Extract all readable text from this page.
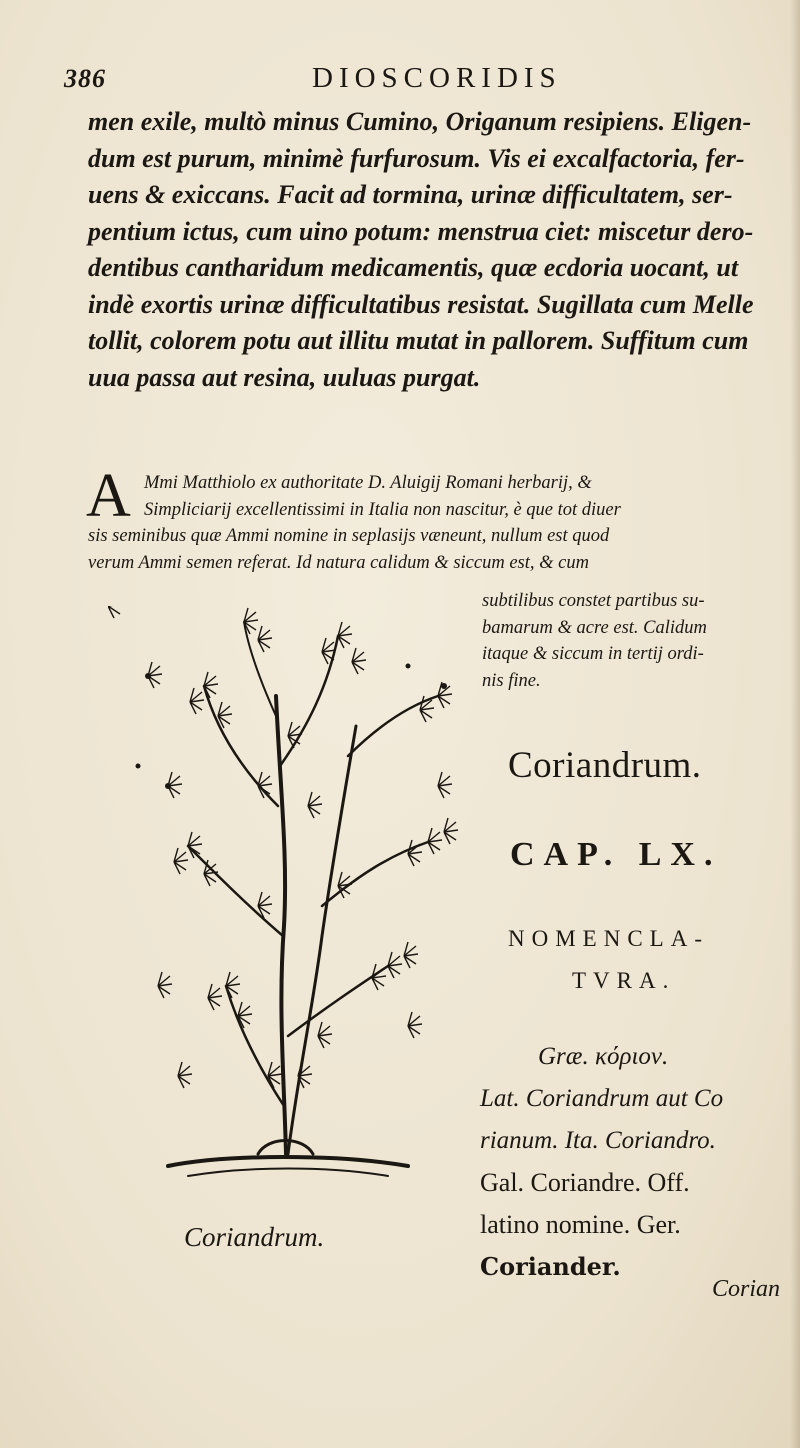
386	DIOSCORIDIS
men exile, multò minus Cumino, Origanum resipiens. Eligen-
dum est purum, minimè furfurosum. Vis ei excalfactoria, fer-
uens & exiccans. Facit ad tormina, urinæ difficultatem, ser-
pentium ictus, cum uino potum: menstrua ciet: miscetur dero-
dentibus cantharidum medicamentis, quæ ecdoria uocant, ut
indè exortis urinæ difficultatibus resistat. Sugillata cum Melle
tollit, colorem potu aut illitu mutat in pallorem. Suffitum cum
uua passa aut resina, uuluas purgat.
A Mmi Matthiolo ex authoritate D. Aluigij Romani herbarij, &
Simpliciarij excellentissimi in Italia non nascitur, è que tot diuer
sis seminibus quæ Ammi nomine in seplasijs væneunt, nullum est quod
verum Ammi semen referat. Id natura calidum & siccum est, & cum
subtilibus constet partibus su-
bamarum & acre est. Calidum
itaque & siccum in tertij ordi-
nis fine.
Coriandrum.
Coriandrum.
CAP. LX.
NOMENCLA-
TVRA.
Græ. κόριον.
Lat. Coriandrum aut Co
rianum. Ita. Coriandro.
Gal. Coriandre. Off.
latino nomine. Ger.
Coriander.
Corian
